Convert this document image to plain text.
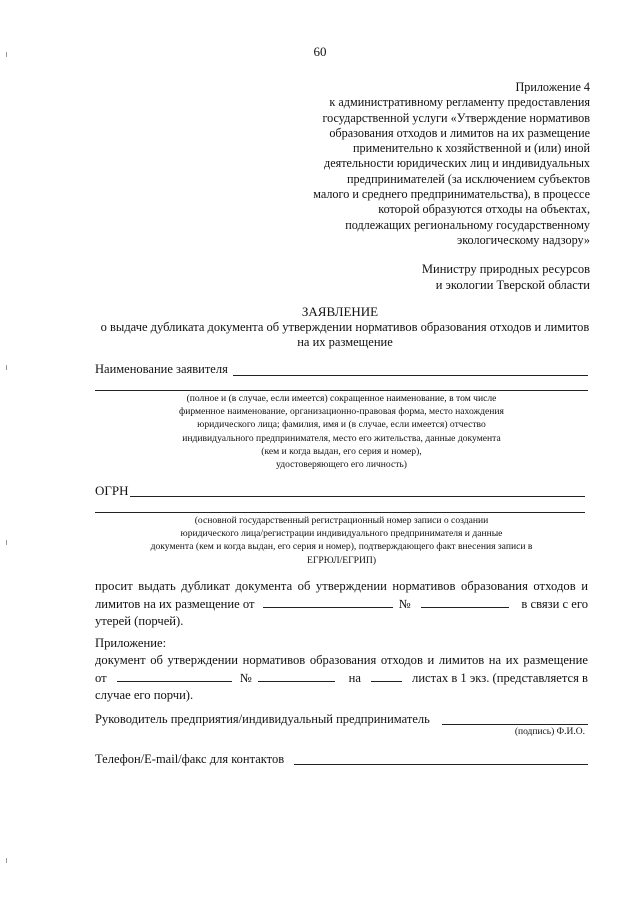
60
Приложение 4
к административному регламенту предоставления
государственной услуги «Утверждение нормативов
образования отходов и лимитов на их размещение
применительно к хозяйственной и (или) иной
деятельности юридических лиц и индивидуальных
предпринимателей (за исключением субъектов
малого и среднего предпринимательства), в процессе
которой образуются отходы на объектах,
подлежащих региональному государственному
экологическому надзору»
Министру природных ресурсов
и экологии Тверской области
ЗАЯВЛЕНИЕ
о выдаче дубликата документа об утверждении нормативов образования отходов и лимитов на их размещение
Наименование заявителя
(полное и (в случае, если имеется) сокращенное наименование, в том числе
фирменное наименование, организационно-правовая форма, место нахождения
юридического лица; фамилия, имя и (в случае, если имеется) отчество
индивидуального предпринимателя, место его жительства, данные документа
(кем и когда выдан, его серия и номер),
удостоверяющего его личность)
ОГРН
(основной государственный регистрационный номер записи о создании
юридического лица/регистрации индивидуального предпринимателя и данные
документа (кем и когда выдан, его серия и номер), подтверждающего факт внесения записи в
ЕГРЮЛ/ЕГРИП)
просит выдать дубликат документа об утверждении нормативов образования отходов и
лимитов на их размещение от	№	в связи с его
утерей (порчей).
Приложение:
документ об утверждении нормативов образования отходов и лимитов на их размещение
от	№	на	листах в 1 экз. (представляется в
случае его порчи).
Руководитель предприятия/индивидуальный предприниматель
(подпись) Ф.И.О.
Телефон/E-mail/факс для контактов
